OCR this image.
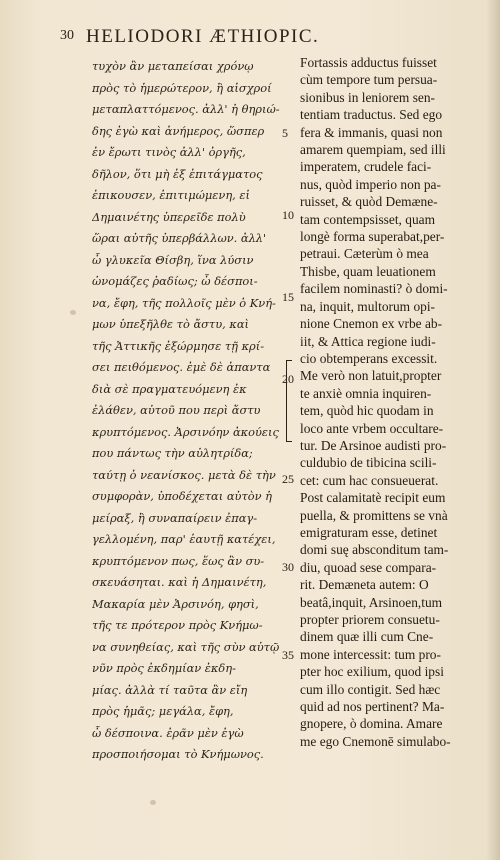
30 HELIODORI ÆTHIOPIC.
τυχὸν ἂν μεταπείσαι χρόνῳ
πρὸς τὸ ἡμερώτερον, ἢ αἰσχροί
μεταπλαττόμενος. ἀλλ' ἡ θηριώ-
δης ἐγὼ καὶ ἀνήμερος, ὥσπερ
ἐν ἔρωτι τινὸς ἀλλ' ὀργῆς,
δῆλον, ὅτι μὴ ἐξ ἐπιτάγματος
ἐπικουσεν, ἐπιτιμώμενη, εἰ
Δημαινέτης ὑπερεῖδε πολὺ
ὥραι αὐτῆς ὑπερβάλλων. ἀλλ'
ὦ γλυκεῖα Θίσβη, ἵνα λύσιν
ὠνομάζες ῥαδίως; ὦ δέσποι-
να, ἔφη, τῆς πολλοῖς μὲν ὁ Κνή-
μων ὑπεξῆλθε τὸ ἄστυ, καὶ
τῆς Ἀττικῆς ἐξώρμησε τῇ κρί-
σει πειθόμενος. ἐμὲ δὲ ἀπαντα
διὰ σὲ πραγματευόμενη ἐκ
ἐλάθεν, αὐτοῦ που περὶ ἄστυ
κρυπτόμενος. Ἀρσινόην ἀκούεις
που πάντως τὴν αὐλητρίδα;
ταύτῃ ὁ νεανίσκος. μετὰ δὲ τὴν
συμφορὰν, ὑποδέχεται αὐτὸν ἡ
μείραξ, ἢ συναπαίρειν ἐπαγ-
γελλομένη, παρ' ἑαυτῇ κατέχει,
κρυπτόμενον πως, ἕως ἂν συ-
σκευάσηται. καὶ ἡ Δημαινέτη,
Μακαρία μὲν Ἀρσινόη, φησὶ,
τῆς τε πρότερον πρὸς Κνήμω-
να συνηθείας, καὶ τῆς σὺν αὐτῷ
νῦν πρὸς ἐκδημίαν ἐκδη-
μίας. ἀλλὰ τί ταῦτα ἂν εἴη
πρὸς ἡμᾶς; μεγάλα, ἔφη,
ὦ δέσποινα. ἐρᾶν μὲν ἐγὼ
προσποιήσομαι τὸ Κνήμωνος.
5
10
15
20
25
30
35
Fortassis adductus fuisset
cùm tempore tum persua-
sionibus in leniorem sen-
tentiam traductus. Sed ego
fera & immanis, quasi non
amarem quempiam, sed illi
imperatem, crudele faci-
nus, quòd imperio non pa-
ruisset, & quòd Demæne-
tam contempsisset, quam
longè forma superabat,per-
petraui. Cæterùm ò mea
Thisbe, quam leuationem
facilem nominasti? ò domi-
na, inquit, multorum opi-
nione Cnemon ex vrbe ab-
iit, & Attica regione iudi-
cio obtemperans excessit.
Me verò non latuit,propter
te anxiè omnia inquiren-
tem, quòd hic quodam in
loco ante vrbem occultare-
tur. De Arsinoe audisti pro-
culdubio de tibicina scili-
cet: cum hac consueuerat.
Post calamitatè recipit eum
puella, & promittens se vnà
emigraturam esse, detinet
domi suę absconditum tam-
diu, quoad sese compara-
rit. Demæneta autem: O
beatâ,inquit, Arsinoen,tum
propter priorem consuetu-
dinem quæ illi cum Cne-
mone intercessit: tum pro-
pter hoc exilium, quod ipsi
cum illo contigit. Sed hæc
quid ad nos pertinent? Ma-
gnopere, ò domina. Amare
me ego Cnemonē simulabo-
